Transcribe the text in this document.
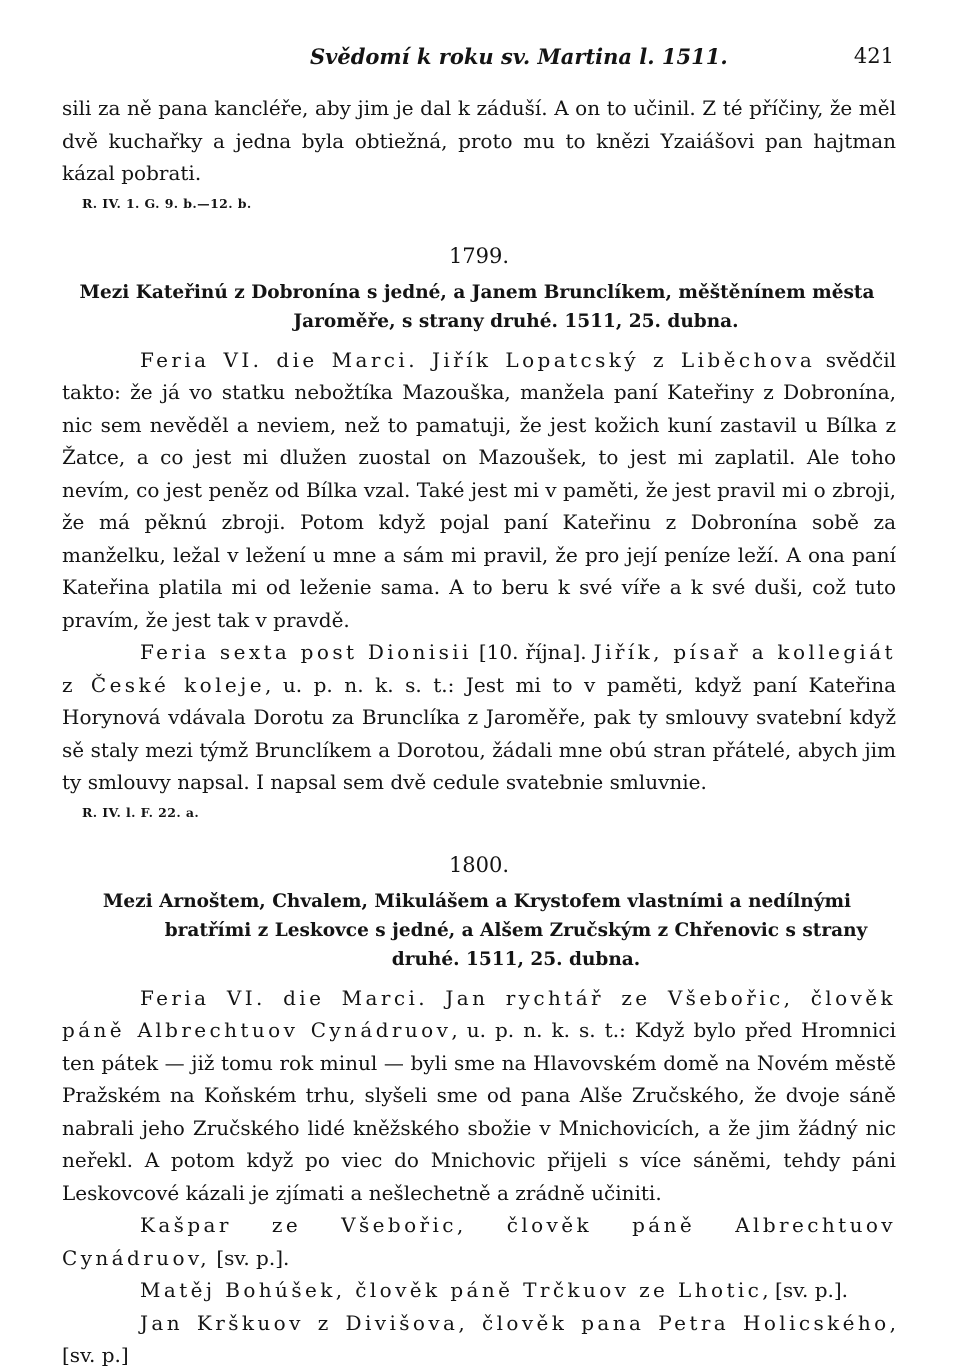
Svědomí k roku sv. Martina l. 1511.	421

sili za ně pana kancléře, aby jim je dal k záduší. A on to učinil. Z té příčiny, že měl dvě kuchařky a jedna byla obtiežná, proto mu to knězi Yzaiášovi pan hajtman kázal pobrati.

R. IV. 1. G. 9. b.—12. b.
1799.
Mezi Kateřinú z Dobronína s jedné, a Janem Brunclíkem, měštěnínem města Jaroměře, s strany druhé. 1511, 25. dubna.

Feria VI. die Marci. Jiřík Lopatcský z Liběchova svědčil takto: že já vo statku nebožtíka Mazouška, manžela paní Kateřiny z Dobronína, nic sem nevěděl a neviem, než to pamatuji, že jest kožich kuní zastavil u Bílka z Žatce, a co jest mi dlužen zuostal on Mazoušek, to jest mi zaplatil. Ale toho nevím, co jest peněz od Bílka vzal. Také jest mi v paměti, že jest pravil mi o zbroji, že má pěknú zbroji. Potom když pojal paní Kateřinu z Dobronína sobě za manželku, ležal v ležení u mne a sám mi pravil, že pro její peníze leží. A ona paní Kateřina platila mi od leženie sama. A to beru k své víře a k své duši, což tuto pravím, že jest tak v pravdě.

Feria sexta post Dionisii [10. října]. Jiřík, písař a kollegiát z České koleje, u. p. n. k. s. t.: Jest mi to v paměti, když paní Kateřina Horynová vdávala Dorotu za Brunclíka z Jaroměře, pak ty smlouvy svatební když sě staly mezi týmž Brunclíkem a Dorotou, žádali mne obú stran přátelé, abych jim ty smlouvy napsal. I napsal sem dvě cedule svatebnie smluvnie.

R. IV. l. F. 22. a.
1800.
Mezi Arnoštem, Chvalem, Mikulášem a Krystofem vlastními a nedílnými bratřími z Leskovce s jedné, a Alšem Zručským z Chřenovic s strany druhé. 1511, 25. dubna.

Feria VI. die Marci. Jan rychtář ze Všebořic, člověk páně Albrechtuov Cynádruov, u. p. n. k. s. t.: Když bylo před Hromnici ten pátek — již tomu rok minul — byli sme na Hlavovském domě na Novém městě Pražském na Koňském trhu, slyšeli sme od pana Alše Zručského, že dvoje sáně nabrali jeho Zručského lidé kněžského sbožie v Mnichovicích, a že jim žádný nic neřekl. A potom když po viec do Mnichovic přijeli s více sáněmi, tehdy páni Leskovcové kázali je zjímati a nešlechetně a zrádně učiniti.

Kašpar ze Všebořic, člověk páně Albrechtuov Cynádruov, [sv. p.].

Matěj Bohúšek, člověk páně Trčkuov ze Lhotic, [sv. p.].

Jan Krškuov z Divišova, člověk pana Petra Holicského, [sv. p.]
